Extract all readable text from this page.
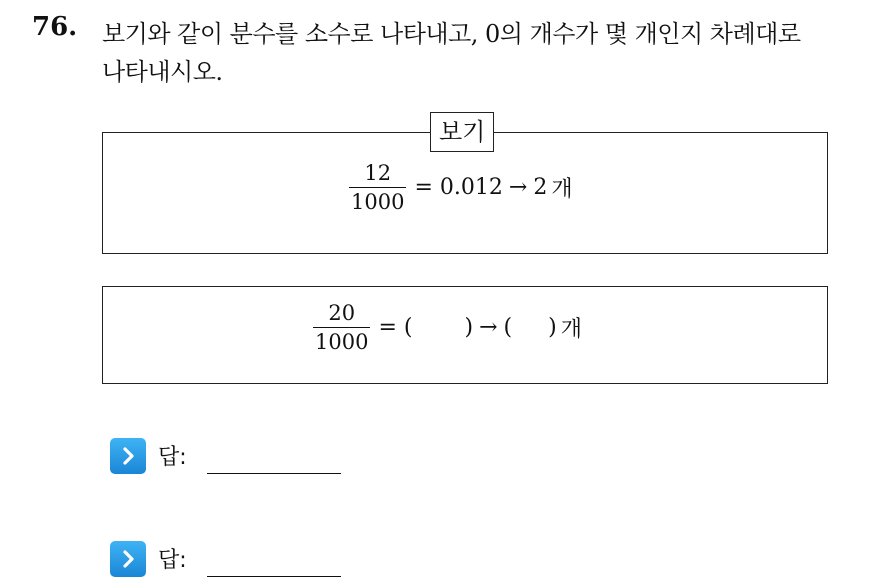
76. 보기와 같이 분수를 소수로 나타내고, 0의 개수가 몇 개인지 차례대로
나타내시오.
보기
$\frac{12}{1000} = 0.012 \to 2$ 개
$\frac{20}{1000}$ = ( ) → ( ) 개
답:
답:
